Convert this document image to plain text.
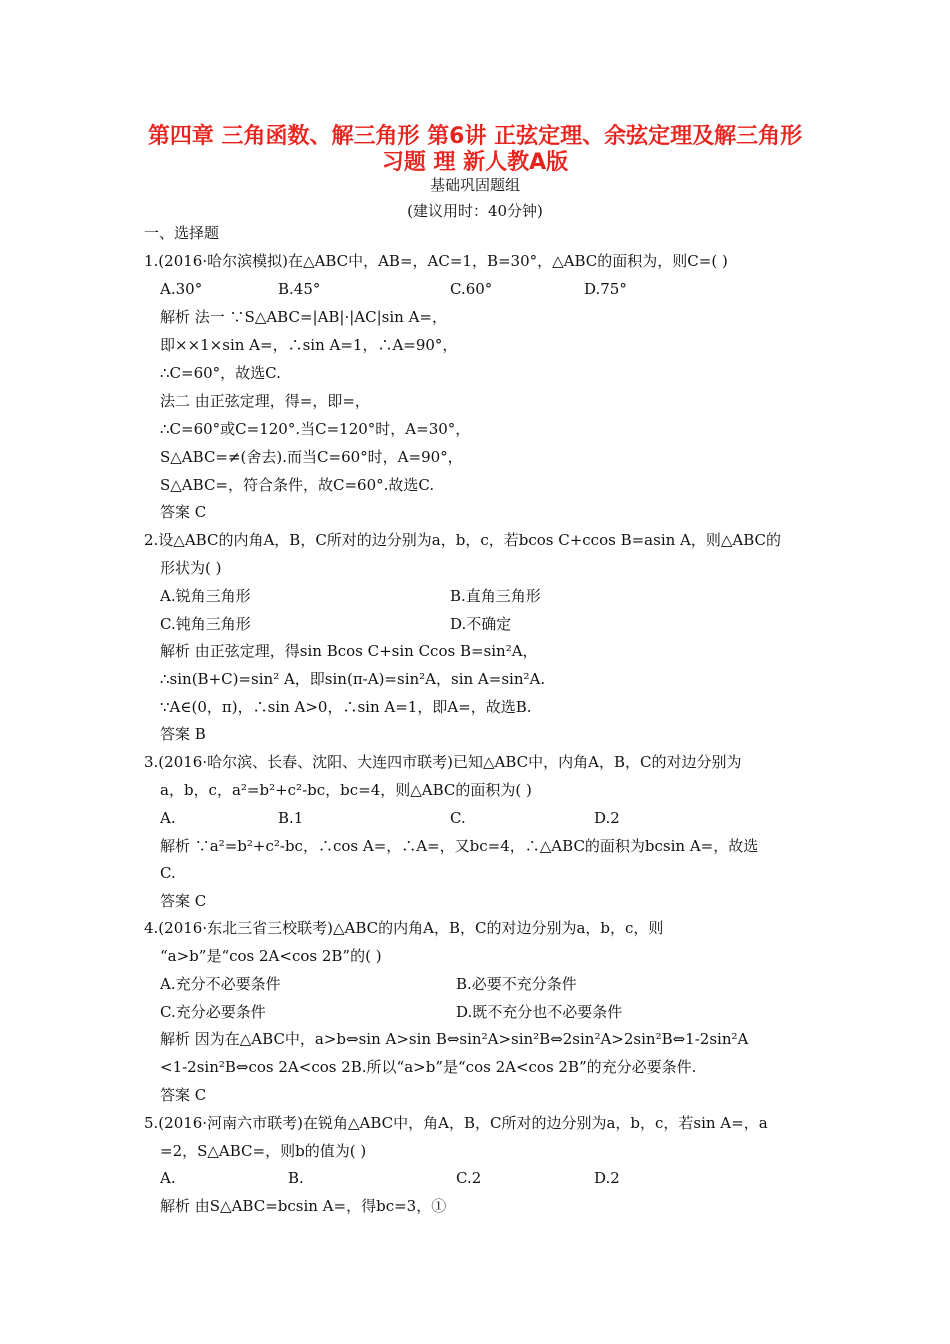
第四章 三角函数、解三角形 第6讲 正弦定理、余弦定理及解三角形
习题 理 新人教A版
基础巩固题组
(建议用时：40分钟)
一、选择题
1.(2016·哈尔滨模拟)在△ABC中，AB=，AC=1，B=30°，△ABC的面积为，则C=( )
A.30°	B.45°	C.60°	D.75°
解析 法一 ∵S△ABC=|AB|·|AC|sin A=，
即××1×sin A=，∴sin A=1，∴A=90°，
∴C=60°，故选C.
法二 由正弦定理，得=，即=，
∴C=60°或C=120°.当C=120°时，A=30°，
S△ABC=≠(舍去).而当C=60°时，A=90°，
S△ABC=，符合条件，故C=60°.故选C.
答案 C
2.设△ABC的内角A，B，C所对的边分别为a，b，c，若bcos C+ccos B=asin A，则△ABC的
形状为( )
A.锐角三角形	B.直角三角形
C.钝角三角形	D.不确定
解析 由正弦定理，得sin Bcos C+sin Ccos B=sin²A，
∴sin(B+C)=sin² A，即sin(π-A)=sin²A，sin A=sin²A.
∵A∈(0，π)，∴sin A>0，∴sin A=1，即A=，故选B.
答案 B
3.(2016·哈尔滨、长春、沈阳、大连四市联考)已知△ABC中，内角A，B，C的对边分别为
a，b，c，a²=b²+c²-bc，bc=4，则△ABC的面积为( )
A.	B.1	C.	D.2
解析 ∵a²=b²+c²-bc，∴cos A=，∴A=，又bc=4，∴△ABC的面积为bcsin A=，故选
C.
答案 C
4.(2016·东北三省三校联考)△ABC的内角A，B，C的对边分别为a，b，c，则
“a>b”是“cos 2A<cos 2B”的( )
A.充分不必要条件	B.必要不充分条件
C.充分必要条件	D.既不充分也不必要条件
解析 因为在△ABC中，a>b⇔sin A>sin B⇔sin²A>sin²B⇔2sin²A>2sin²B⇔1-2sin²A
<1-2sin²B⇔cos 2A<cos 2B.所以“a>b”是“cos 2A<cos 2B”的充分必要条件.
答案 C
5.(2016·河南六市联考)在锐角△ABC中，角A，B，C所对的边分别为a，b，c，若sin A=，a
=2，S△ABC=，则b的值为( )
A.	B.	C.2	D.2
解析 由S△ABC=bcsin A=，得bc=3，①
